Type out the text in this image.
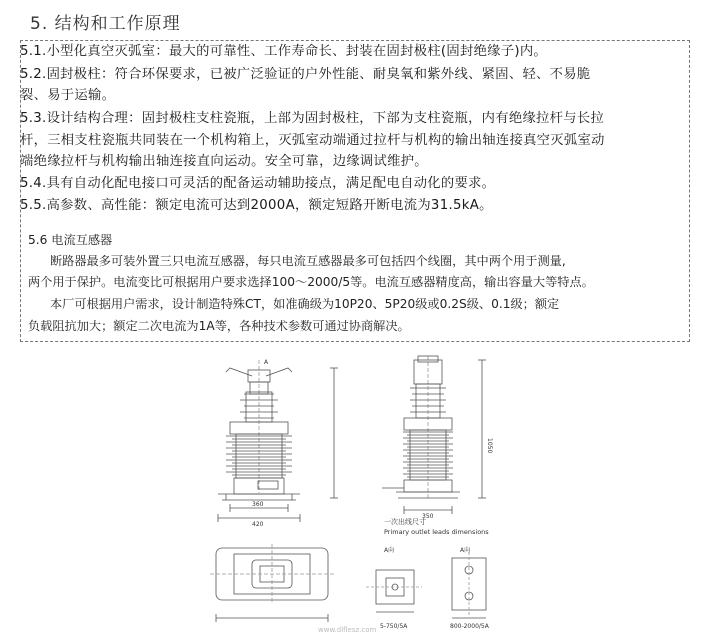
5. 结构和工作原理
5.1.小型化真空灭弧室：最大的可靠性、工作寿命长、封装在固封极柱(固封绝缘子)内。
5.2.固封极柱：符合环保要求，已被广泛验证的户外性能、耐臭氧和紫外线、紧固、轻、不易脆
裂、易于运输。
5.3.设计结构合理：固封极柱支柱瓷瓶，上部为固封极柱，下部为支柱瓷瓶，内有绝缘拉杆与长拉
杆，三相支柱瓷瓶共同装在一个机构箱上，灭弧室动端通过拉杆与机构的输出轴连接真空灭弧室动
端绝缘拉杆与机构输出轴连接直向运动。安全可靠，边缘调试维护。
5.4.具有自动化配电接口可灵活的配备运动辅助接点，满足配电自动化的要求。
5.5.高参数、高性能：额定电流可达到2000A，额定短路开断电流为31.5kA。
5.6 电流互感器
断路器最多可装外置三只电流互感器，每只电流互感器最多可包括四个线圈，其中两个用于测量,
两个用于保护。电流变比可根据用户要求选择100～2000/5等。电流互感器精度高，输出容量大等特点。
本厂可根据用户需求，设计制造特殊CT，如准确级为10P20、5P20级或0.2S级、0.1级；额定
负载阻抗加大；额定二次电流为1A等，各种技术参数可通过协商解决。
A
360
420
1050
350
一次出线尺寸
Primary outlet leads dimensions
A向	A向
5-750/5A	800-2000/5A
www.dlflesz.com
